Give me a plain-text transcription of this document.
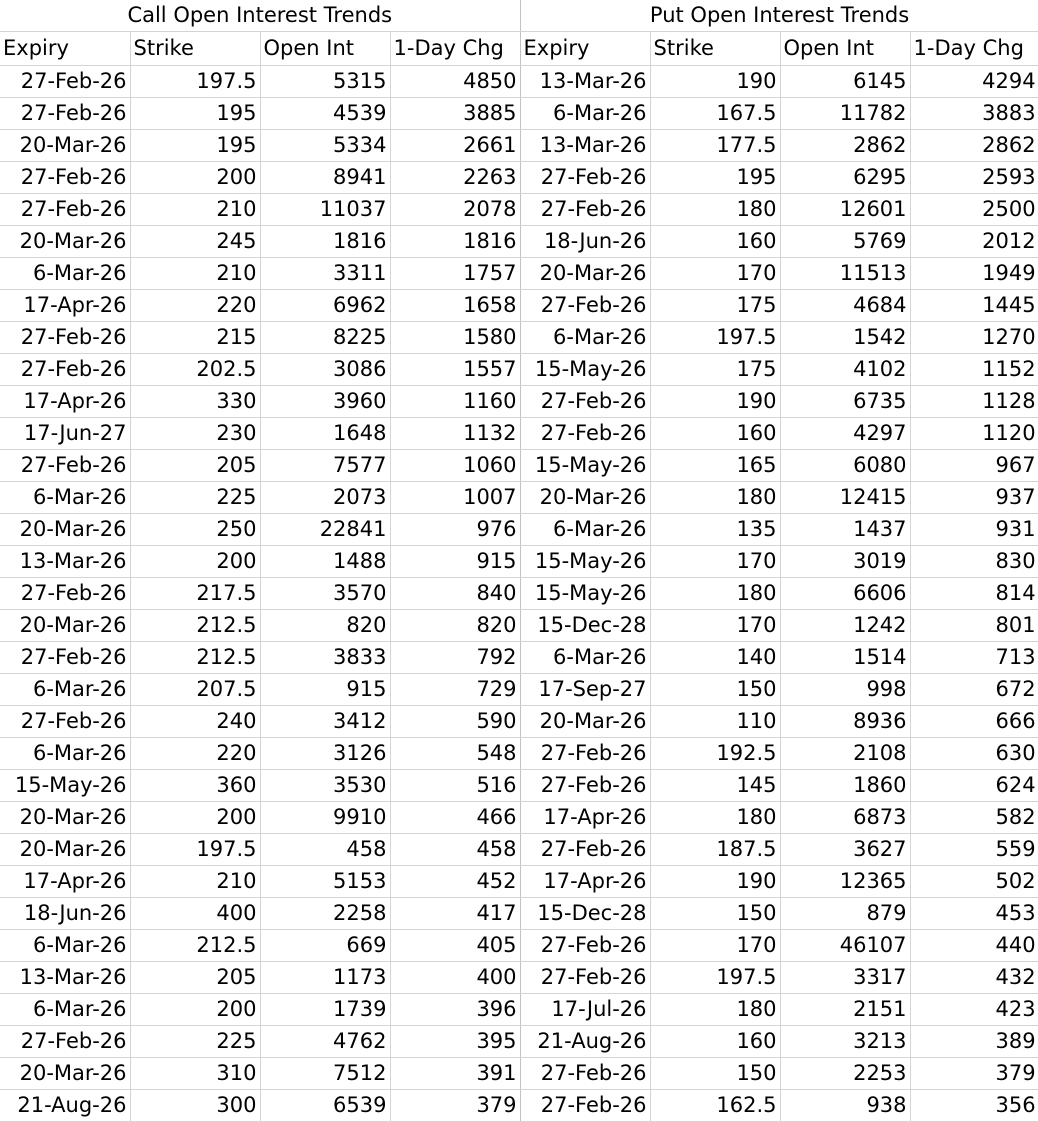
Call Open Interest Trends				Put Open Interest Trends			
Expiry	Strike	Open Int	1-Day Chg	Expiry	Strike	Open Int	1-Day Chg
27-Feb-26	197.5	5315	4850	13-Mar-26	190	6145	4294
27-Feb-26	195	4539	3885	6-Mar-26	167.5	11782	3883
20-Mar-26	195	5334	2661	13-Mar-26	177.5	2862	2862
27-Feb-26	200	8941	2263	27-Feb-26	195	6295	2593
27-Feb-26	210	11037	2078	27-Feb-26	180	12601	2500
20-Mar-26	245	1816	1816	18-Jun-26	160	5769	2012
6-Mar-26	210	3311	1757	20-Mar-26	170	11513	1949
17-Apr-26	220	6962	1658	27-Feb-26	175	4684	1445
27-Feb-26	215	8225	1580	6-Mar-26	197.5	1542	1270
27-Feb-26	202.5	3086	1557	15-May-26	175	4102	1152
17-Apr-26	330	3960	1160	27-Feb-26	190	6735	1128
17-Jun-27	230	1648	1132	27-Feb-26	160	4297	1120
27-Feb-26	205	7577	1060	15-May-26	165	6080	967
6-Mar-26	225	2073	1007	20-Mar-26	180	12415	937
20-Mar-26	250	22841	976	6-Mar-26	135	1437	931
13-Mar-26	200	1488	915	15-May-26	170	3019	830
27-Feb-26	217.5	3570	840	15-May-26	180	6606	814
20-Mar-26	212.5	820	820	15-Dec-28	170	1242	801
27-Feb-26	212.5	3833	792	6-Mar-26	140	1514	713
6-Mar-26	207.5	915	729	17-Sep-27	150	998	672
27-Feb-26	240	3412	590	20-Mar-26	110	8936	666
6-Mar-26	220	3126	548	27-Feb-26	192.5	2108	630
15-May-26	360	3530	516	27-Feb-26	145	1860	624
20-Mar-26	200	9910	466	17-Apr-26	180	6873	582
20-Mar-26	197.5	458	458	27-Feb-26	187.5	3627	559
17-Apr-26	210	5153	452	17-Apr-26	190	12365	502
18-Jun-26	400	2258	417	15-Dec-28	150	879	453
6-Mar-26	212.5	669	405	27-Feb-26	170	46107	440
13-Mar-26	205	1173	400	27-Feb-26	197.5	3317	432
6-Mar-26	200	1739	396	17-Jul-26	180	2151	423
27-Feb-26	225	4762	395	21-Aug-26	160	3213	389
20-Mar-26	310	7512	391	27-Feb-26	150	2253	379
21-Aug-26	300	6539	379	27-Feb-26	162.5	938	356
